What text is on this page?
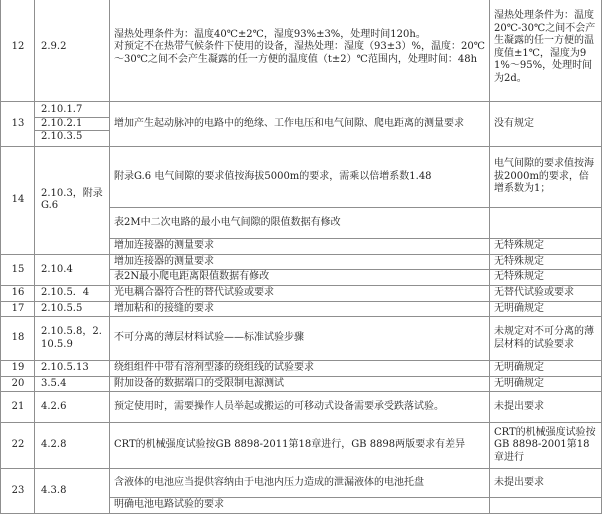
12	2.9.2	湿热处理条件为：温度40℃±2℃，湿度93%±3%，处理时间120h。
对预定不在热带气候条件下使用的设备，湿热处理：湿度（93±3）%，温度：20℃～30℃之间不会产生凝露的任一方便的温度值（t±2）℃范围内，处理时间：48h	湿热处理条件为：温度20℃-30℃之间不会产生凝露的任一方便的温度值±1℃，湿度为91%～95%，处理时间为2d。
13	2.10.1.7
2.10.2.1
2.10.3.5	增加产生起动脉冲的电路中的绝缘、工作电压和电气间隙、爬电距离的测量要求	没有规定
14	2.10.3，附录G.6	附录G.6 电气间隙的要求值按海拔5000m的要求，需乘以倍增系数1.48	电气间隙的要求值按海拔2000m的要求，倍增系数为1；
		表2M中二次电路的最小电气间隙的限值数据有修改	
		增加连接器的测量要求	无特殊规定
15	2.10.4	增加连接器的测量要求	无特殊规定
		表2N最小爬电距离限值数据有修改	无特殊规定
16	2.10.5．4	光电耦合器符合性的替代试验或要求	无替代试验或要求
17	2.10.5.5	增加粘和的接缝的要求	无明确规定
18	2.10.5.8，2.10.5.9	不可分离的薄层材料试验——标准试验步骤	未规定对不可分离的薄层材料的试验要求
19	2.10.5.13	绕组组件中带有溶剂型漆的绕组线的试验要求	无明确规定
20	3.5.4	附加设备的数据端口的受限制电源测试	无明确规定
21	4.2.6	预定使用时，需要操作人员举起或搬运的可移动式设备需要承受跌落试验。	未提出要求
22	4.2.8	CRT的机械强度试验按GB 8898-2011第18章进行，GB 8898两版要求有差异	CRT的机械强度试验按GB 8898-2001第18章进行
23	4.3.8	含液体的电池应当提供容纳由于电池内压力造成的泄漏液体的电池托盘	未提出要求
		明确电池电路试验的要求	
